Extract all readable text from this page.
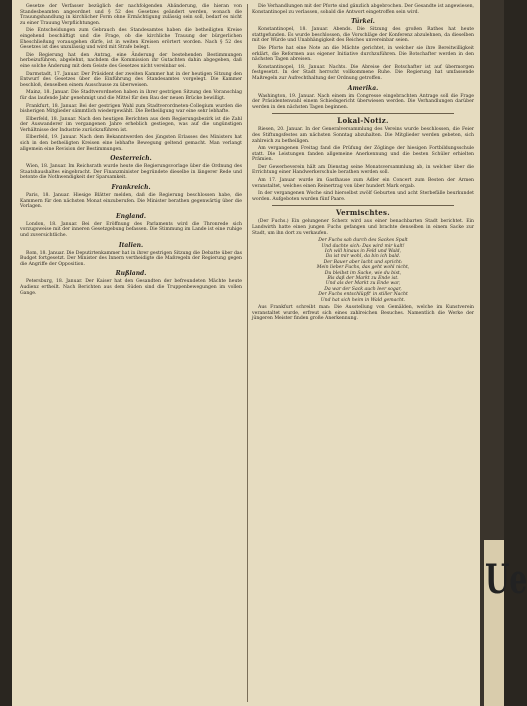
Gesetze der Verfasser bezüglich der nachfolgenden Abänderung, die hieran von Standesbeamten angeordnet und § 52 des Gesetzes geändert werden, wonach die Trauungshandlung in kirchlicher Form ohne Ermächtigung zulässig sein soll, bedarf es nicht zu einer Trauung Verpflichtungen.

Die Entscheidungen zum Gebrauch des Standesamtes haben die betheiligten Kreise eingehend beschäftigt und die Frage, ob die kirchliche Trauung der bürgerlichen Eheschließung vorausgehen dürfe, ist in weiten Kreisen erörtert worden. Nach § 52 des Gesetzes ist dies unzulässig und wird mit Strafe belegt.

Die Regierung hat den Antrag, eine Änderung der bestehenden Bestimmungen herbeizuführen, abgelehnt, nachdem die Kommission ihr Gutachten dahin abgegeben, daß eine solche Änderung mit dem Geiste des Gesetzes nicht vereinbar sei.

Darmstadt, 17. Januar. Der Präsident der zweiten Kammer hat in der heutigen Sitzung den Entwurf des Gesetzes über die Einführung des Standesamtes vorgelegt. Die Kammer beschloß, denselben einem Ausschusse zu überweisen.

Mainz, 18. Januar. Die Stadtverordneten haben in ihrer gestrigen Sitzung den Voranschlag für das laufende Jahr genehmigt und die Mittel für den Bau der neuen Brücke bewilligt.

Frankfurt, 18. Januar. Bei der gestrigen Wahl zum Stadtverordneten-Collegium wurden die bisherigen Mitglieder sämmtlich wiedergewählt. Die Betheiligung war eine sehr lebhafte.

Elberfeld, 18. Januar. Nach den heutigen Berichten aus dem Regierungsbezirk ist die Zahl der Auswanderer im vergangenen Jahre erheblich gestiegen, was auf die ungünstigen Verhältnisse der Industrie zurückzuführen ist.

Elberfeld, 19. Januar. Nach dem Bekanntwerden des jüngsten Erlasses des Ministers hat sich in den betheiligten Kreisen eine lebhafte Bewegung geltend gemacht. Man verlangt allgemein eine Revision der Bestimmungen.

Oesterreich.

Wien, 18. Januar. Im Reichsrath wurde heute die Regierungsvorlage über die Ordnung des Staatshaushaltes eingebracht. Der Finanzminister begründete dieselbe in längerer Rede und betonte die Nothwendigkeit der Sparsamkeit.

Frankreich.

Paris, 18. Januar. Hiesige Blätter melden, daß die Regierung beschlossen habe, die Kammern für den nächsten Monat einzuberufen. Die Minister berathen gegenwärtig über die Vorlagen.

England.

London, 18. Januar. Bei der Eröffnung des Parlaments wird die Thronrede sich vorzugsweise mit der inneren Gesetzgebung befassen. Die Stimmung im Lande ist eine ruhige und zuversichtliche.

Italien.

Rom, 18. Januar. Die Deputirtenkammer hat in ihrer gestrigen Sitzung die Debatte über das Budget fortgesetzt. Der Minister des Innern vertheidigte die Maßregeln der Regierung gegen die Angriffe der Opposition.

Rußland.

Petersburg, 18. Januar. Der Kaiser hat den Gesandten der befreundeten Mächte heute Audienz ertheilt. Nach Berichten aus dem Süden sind die Truppenbewegungen im vollen Gange.

Die Verhandlungen mit der Pforte sind gänzlich abgebrochen. Der Gesandte ist angewiesen, Konstantinopel zu verlassen, sobald die Antwort eingetroffen sein wird.

Türkei.

Konstantinopel, 18. Januar. Abends. Die Sitzung des großen Rathes hat heute stattgefunden. Es wurde beschlossen, die Vorschläge der Konferenz abzulehnen, da dieselben mit der Würde und Unabhängigkeit des Reiches unvereinbar seien.

Die Pforte hat eine Note an die Mächte gerichtet, in welcher sie ihre Bereitwilligkeit erklärt, die Reformen aus eigener Initiative durchzuführen. Die Botschafter werden in den nächsten Tagen abreisen.

Konstantinopel, 18. Januar. Nachts. Die Abreise der Botschafter ist auf übermorgen festgesetzt. In der Stadt herrscht vollkommene Ruhe. Die Regierung hat umfassende Maßregeln zur Aufrechthaltung der Ordnung getroffen.

Amerika.

Washington, 19. Januar. Nach einem im Congresse eingebrachten Antrage soll die Frage der Präsidentenwahl einem Schiedsgericht überwiesen werden. Die Verhandlungen darüber werden in den nächsten Tagen beginnen.

Lokal-Notiz.

Riesen, 20. Januar. In der Generalversammlung des Vereins wurde beschlossen, die Feier des Stiftungsfestes am nächsten Sonntag abzuhalten. Die Mitglieder werden gebeten, sich zahlreich zu betheiligen.

Am vergangenen Freitag fand die Prüfung der Zöglinge der hiesigen Fortbildungsschule statt. Die Leistungen fanden allgemeine Anerkennung und die besten Schüler erhielten Prämien.

Der Gewerbeverein hält am Dienstag seine Monatsversammlung ab, in welcher über die Errichtung einer Handwerkerschule berathen werden soll.

Am 17. Januar wurde im Gasthause zum Adler ein Concert zum Besten der Armen veranstaltet, welches einen Reinertrag von über hundert Mark ergab.

In der vergangenen Woche sind hierselbst zwölf Geburten und acht Sterbefälle beurkundet worden. Aufgeboten wurden fünf Paare.

Vermischtes.

(Der Fuchs.) Ein gelungener Scherz wird aus einer benachbarten Stadt berichtet. Ein Landwirth hatte einen jungen Fuchs gefangen und brachte denselben in einem Sacke zur Stadt, um ihn dort zu verkaufen.

Der Fuchs sah durch des Sackes Spalt
Und dachte sich: Das wird mir kalt!
Ich will hinaus in Feld und Wald,
Da ist mir wohl, da bin ich bald.
Der Bauer aber lacht und spricht:
Mein lieber Fuchs, das geht wohl nicht,
Du bleibst im Sacke, wie du bist,
Bis daß der Markt zu Ende ist.
Und als der Markt zu Ende war,
Da war der Sack auch leer sogar,
Der Fuchs entschlüpft' in stiller Nacht
Und hat sich heim in Wald gemacht.

Aus Frankfurt schreibt man: Die Ausstellung von Gemälden, welche im Kunstverein veranstaltet wurde, erfreut sich eines zahlreichen Besuches. Namentlich die Werke der jüngeren Meister finden große Anerkennung.

Ue
